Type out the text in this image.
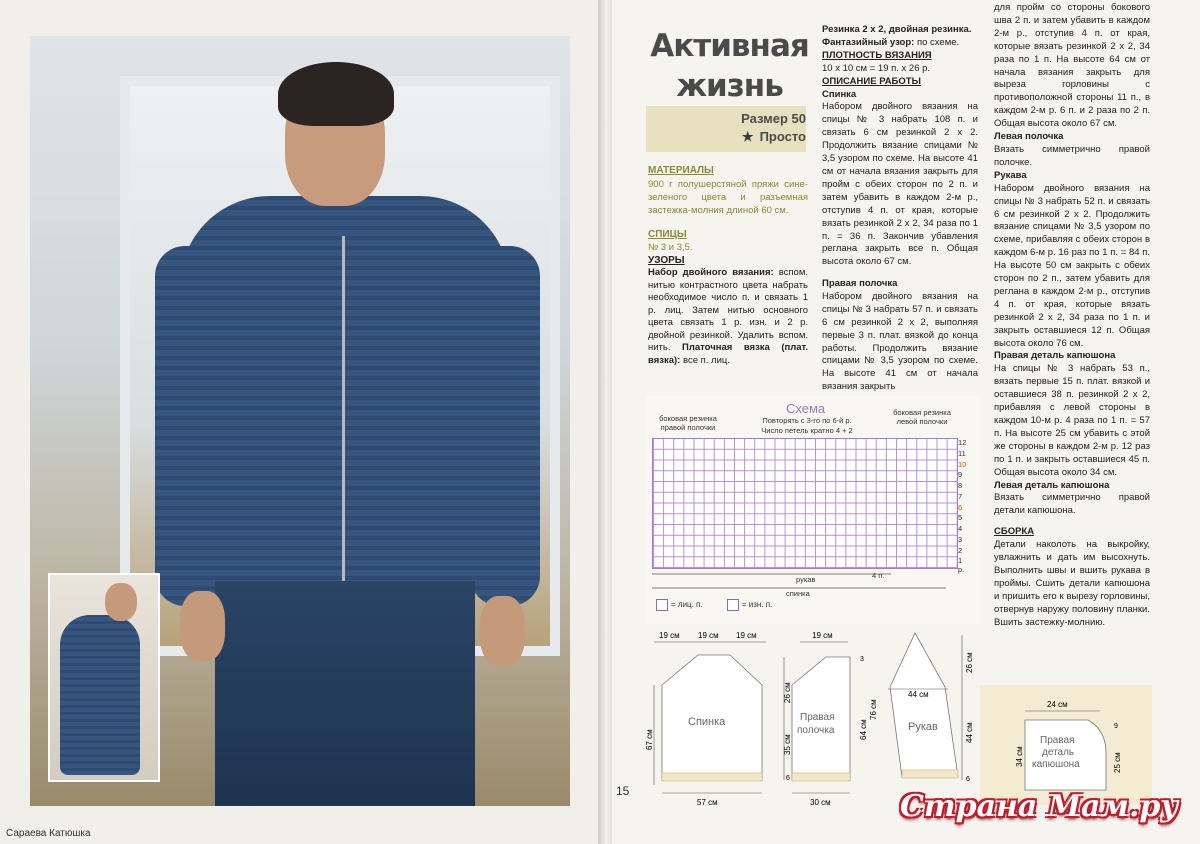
Сараева Катюшка
Активная
жизнь
Размер 50
★ Просто
МАТЕРИАЛЫ
900 г полушерстяной пряжи сине-зеленого цвета и разъемная застежка-молния длиной 60 см.
СПИЦЫ
№ 3 и 3,5.
УЗОРЫ
Набор двойного вязания: вспом. нитью контрастного цвета набрать необходимое число п. и связать 1 р. лиц. Затем нитью основного цвета связать 1 р. изн. и 2 р. двойной резинкой. Удалить вспом. нить. Платочная вязка (плат. вязка): все п. лиц.

Резинка 2 х 2, двойная резинка.

Фантазийный узор: по схеме.

ПЛОТНОСТЬ ВЯЗАНИЯ

10 х 10 см = 19 п. х 26 р.

ОПИСАНИЕ РАБОТЫ

Спинка

Набором двойного вязания на спицы № 3 набрать 108 п. и связать 6 см резинкой 2 х 2. Продолжить вязание спицами № 3,5 узором по схеме. На высоте 41 см от начала вязания закрыть для пройм с обеих сторон по 2 п. и затем убавить в каждом 2-м р., отступив 4 п. от края, которые вязать резинкой 2 х 2, 34 раза по 1 п. = 36 п. Закончив убавления реглана закрыть все п. Общая высота около 67 см.

Правая полочка

Набором двойного вязания на спицы № 3 набрать 57 п. и связать 6 см резинкой 2 х 2, выполняя первые 3 п. плат. вязкой до конца работы. Продолжить вязание спицами № 3,5 узором по схеме. На высоте 41 см от начала вязания закрыть

для пройм со стороны бокового шва 2 п. и затем убавить в каждом 2-м р., отступив 4 п. от края, которые вязать резинкой 2 х 2, 34 раза по 1 п. На высоте 64 см от начала вязания закрыть для выреза горловины с противоположной стороны 11 п., в каждом 2-м р. 6 п. и 2 раза по 2 п. Общая высота около 67 см.

Левая полочка

Вязать симметрично правой полочке.

Рукава

Набором двойного вязания на спицы № 3 набрать 52 п. и связать 6 см резинкой 2 х 2. Продолжить вязание спицами № 3,5 узором по схеме, прибавляя с обеих сторон в каждом 6-м р. 16 раз по 1 п. = 84 п. На высоте 50 см закрыть с обеих сторон по 2 п., затем убавить для реглана в каждом 2-м р., отступив 4 п. от края, которые вязать резинкой 2 х 2, 34 раза по 1 п. и закрыть оставшиеся 12 п. Общая высота около 76 см.

Правая деталь капюшона

На спицы № 3 набрать 53 п., вязать первые 15 п. плат. вязкой и оставшиеся 38 п. резинкой 2 х 2, прибавляя с левой стороны в каждом 10-м р. 4 раза по 1 п. = 57 п. На высоте 25 см убавить с этой же стороны в каждом 2-м р. 12 раз по 1 п. и закрыть оставшиеся 45 п. Общая высота около 34 см.

Левая деталь капюшона

Вязать симметрично правой детали капюшона.

СБОРКА

Детали наколоть на выкройку, увлажнить и дать им высохнуть. Выполнить швы и вшить рукава в проймы. Сшить детали капюшона и пришить его к вырезу горловины, отвернув наружу половину планки. Вшить застежку-молнию.

Схема
Повторять с 3-го по 6-й р.
Число петель кратно 4 + 2
боковая резинка
правой полочки
боковая резинка
левой полочки
12
11
10
9
8
7
6
5
4
3
2
1 р.
рукав	4 п.
спинка
= лиц. п.	= изн. п.
19 см 19 см 19 см
Спинка
67 см
57 см
19 см
Правая
полочка
26 см
35 см
64 см
3
6
30 см
44 см
Рукав
26 см
76 см
44 см
6
24 см
Правая
деталь
капюшона
34 см	25 см
9
15	Страна Мам.ру
